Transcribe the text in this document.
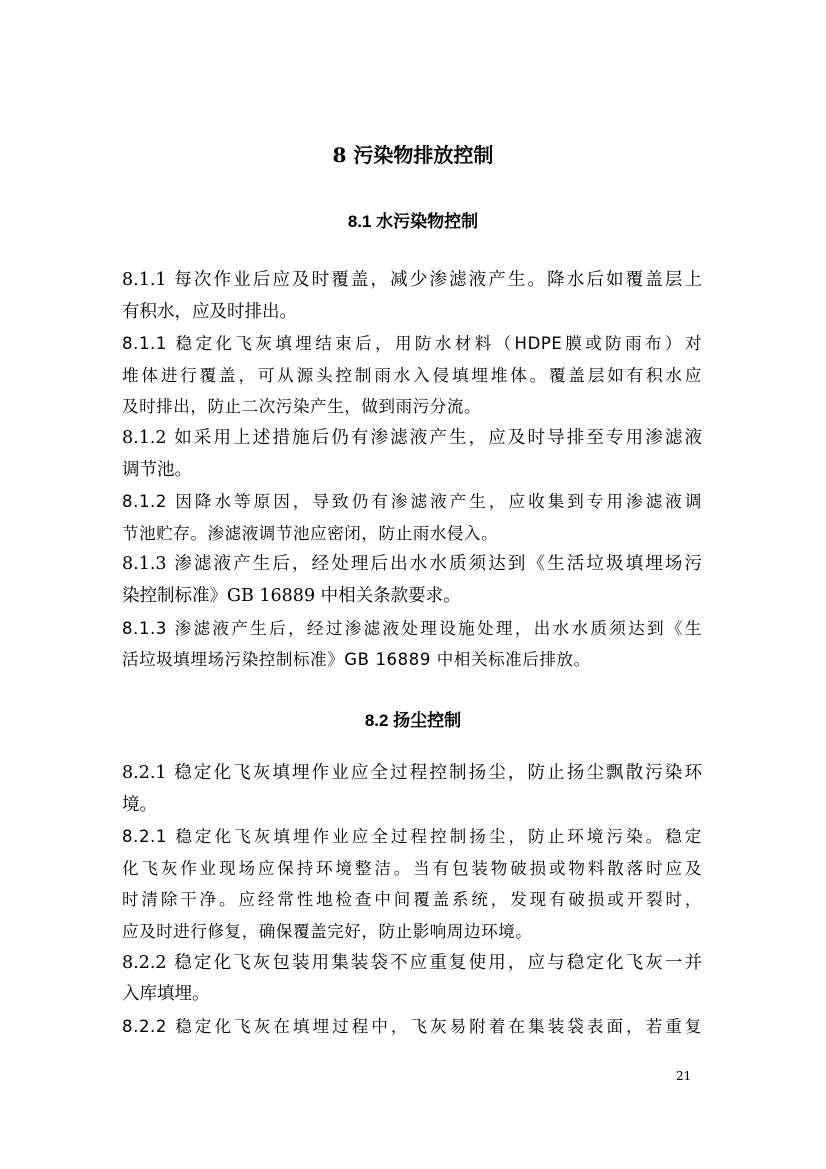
8 污染物排放控制
8.1 水污染物控制
8.1.1 每次作业后应及时覆盖，减少渗滤液产生。降水后如覆盖层上
有积水，应及时排出。
8.1.1 稳定化飞灰填埋结束后，用防水材料（HDPE膜或防雨布）对
堆体进行覆盖，可从源头控制雨水入侵填埋堆体。覆盖层如有积水应
及时排出，防止二次污染产生，做到雨污分流。
8.1.2 如采用上述措施后仍有渗滤液产生，应及时导排至专用渗滤液
调节池。
8.1.2 因降水等原因，导致仍有渗滤液产生，应收集到专用渗滤液调
节池贮存。渗滤液调节池应密闭，防止雨水侵入。
8.1.3 渗滤液产生后，经处理后出水水质须达到《生活垃圾填埋场污
染控制标准》GB 16889 中相关条款要求。
8.1.3 渗滤液产生后，经过渗滤液处理设施处理，出水水质须达到《生
活垃圾填埋场污染控制标准》GB 16889 中相关标准后排放。
8.2 扬尘控制
8.2.1 稳定化飞灰填埋作业应全过程控制扬尘，防止扬尘飘散污染环
境。
8.2.1 稳定化飞灰填埋作业应全过程控制扬尘，防止环境污染。稳定
化飞灰作业现场应保持环境整洁。当有包装物破损或物料散落时应及
时清除干净。应经常性地检查中间覆盖系统，发现有破损或开裂时，
应及时进行修复，确保覆盖完好，防止影响周边环境。
8.2.2 稳定化飞灰包装用集装袋不应重复使用，应与稳定化飞灰一并
入库填埋。
8.2.2 稳定化飞灰在填埋过程中，飞灰易附着在集装袋表面，若重复
21
